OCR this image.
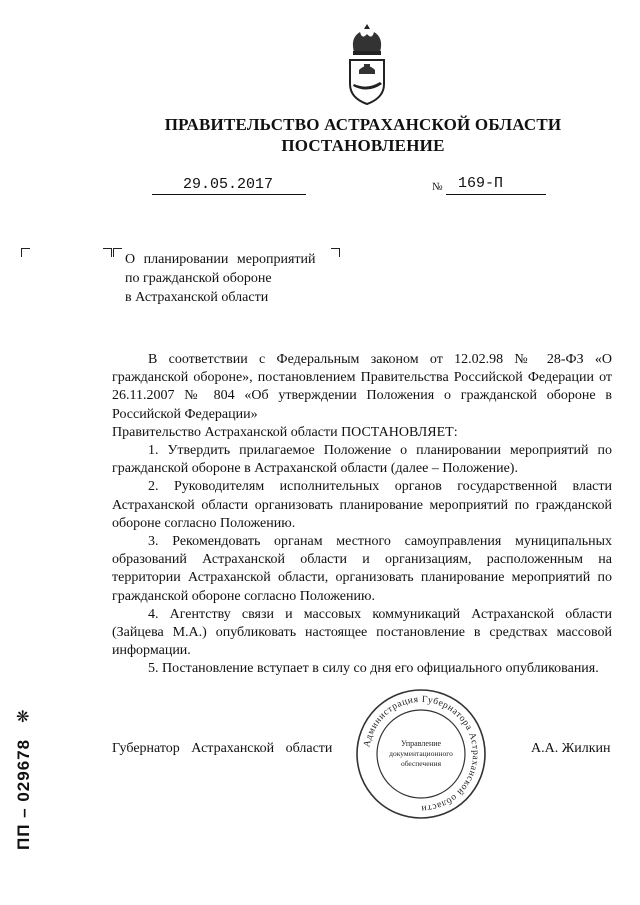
ПРАВИТЕЛЬСТВО АСТРАХАНСКОЙ ОБЛАСТИ
ПОСТАНОВЛЕНИЕ
29.05.2017	№ 169-П
О планировании мероприятий
по гражданской обороне
в Астраханской области

В соответствии с Федеральным законом от 12.02.98 № 28-ФЗ «О гражданской обороне», постановлением Правительства Российской Федерации от 26.11.2007 № 804 «Об утверждении Положения о гражданской обороне в Российской Федерации»

Правительство Астраханской области ПОСТАНОВЛЯЕТ:

1. Утвердить прилагаемое Положение о планировании мероприятий по гражданской обороне в Астраханской области (далее – Положение).

2. Руководителям исполнительных органов государственной власти Астраханской области организовать планирование мероприятий по гражданской обороне согласно Положению.

3. Рекомендовать органам местного самоуправления муниципальных образований Астраханской области и организациям, расположенным на территории Астраханской области, организовать планирование мероприятий по гражданской обороне согласно Положению.

4. Агентству связи и массовых коммуникаций Астраханской области (Зайцева М.А.) опубликовать настоящее постановление в средствах массовой информации.

5. Постановление вступает в силу со дня его официального опубликования.

Губернатор Астраханской области	А.А. Жилкин
Администрация Губернатора Астраханской области
Управление
документационного
обеспечения
ПП – 029678
❋
